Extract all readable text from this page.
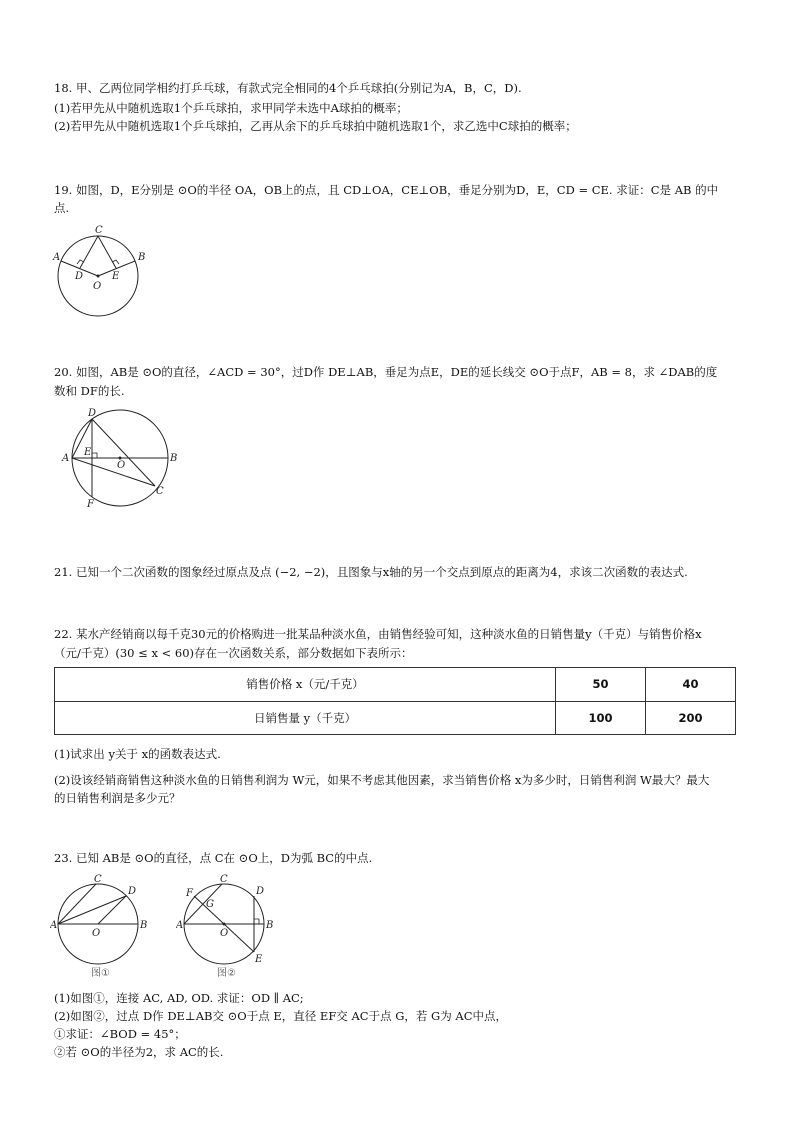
18. 甲、乙两位同学相约打乒乓球，有款式完全相同的4个乒乓球拍(分别记为A，B，C，D).
(1)若甲先从中随机选取1个乒乓球拍，求甲同学未选中A球拍的概率；
(2)若甲先从中随机选取1个乒乓球拍，乙再从余下的乒乓球拍中随机选取1个，求乙选中C球拍的概率；
19. 如图，D，E分别是 ⊙O的半径 OA，OB上的点，且 CD⊥OA，CE⊥OB，垂足分别为D，E，CD = CE. 求证：C是 AB 的中
点.
C
A	B
D	E
O
20. 如图，AB是 ⊙O的直径，∠ACD = 30°，过D作 DE⊥AB，垂足为点E，DE的延长线交 ⊙O于点F，AB = 8，求 ∠DAB的度
数和 DF的长.
D
A
E
O
B
C
F
21. 已知一个二次函数的图象经过原点及点 (−2, −2)，且图象与x轴的另一个交点到原点的距离为4，求该二次函数的表达式.
22. 某水产经销商以每千克30元的价格购进一批某品种淡水鱼，由销售经验可知，这种淡水鱼的日销售量y（千克）与销售价格x
（元/千克）(30 ≤ x < 60)存在一次函数关系，部分数据如下表所示：
销售价格 x（元/千克）	50	40
日销售量 y（千克）	100	200
(1)试求出 y关于 x的函数表达式.
(2)设该经销商销售这种淡水鱼的日销售利润为 W元，如果不考虑其他因素，求当销售价格 x为多少时，日销售利润 W最大？最大
的日销售利润是多少元？
23. 已知 AB是 ⊙O的直径，点 C在 ⊙O上，D为弧 BC的中点.
C
D
A
O
B
图①
C
D
F
G
A
O
B
E
图②
(1)如图①，连接 AC, AD, OD. 求证：OD ∥ AC;
(2)如图②，过点 D作 DE⊥AB交 ⊙O于点 E，直径 EF交 AC于点 G，若 G为 AC中点，
①求证：∠BOD = 45°；
②若 ⊙O的半径为2，求 AC的长.
